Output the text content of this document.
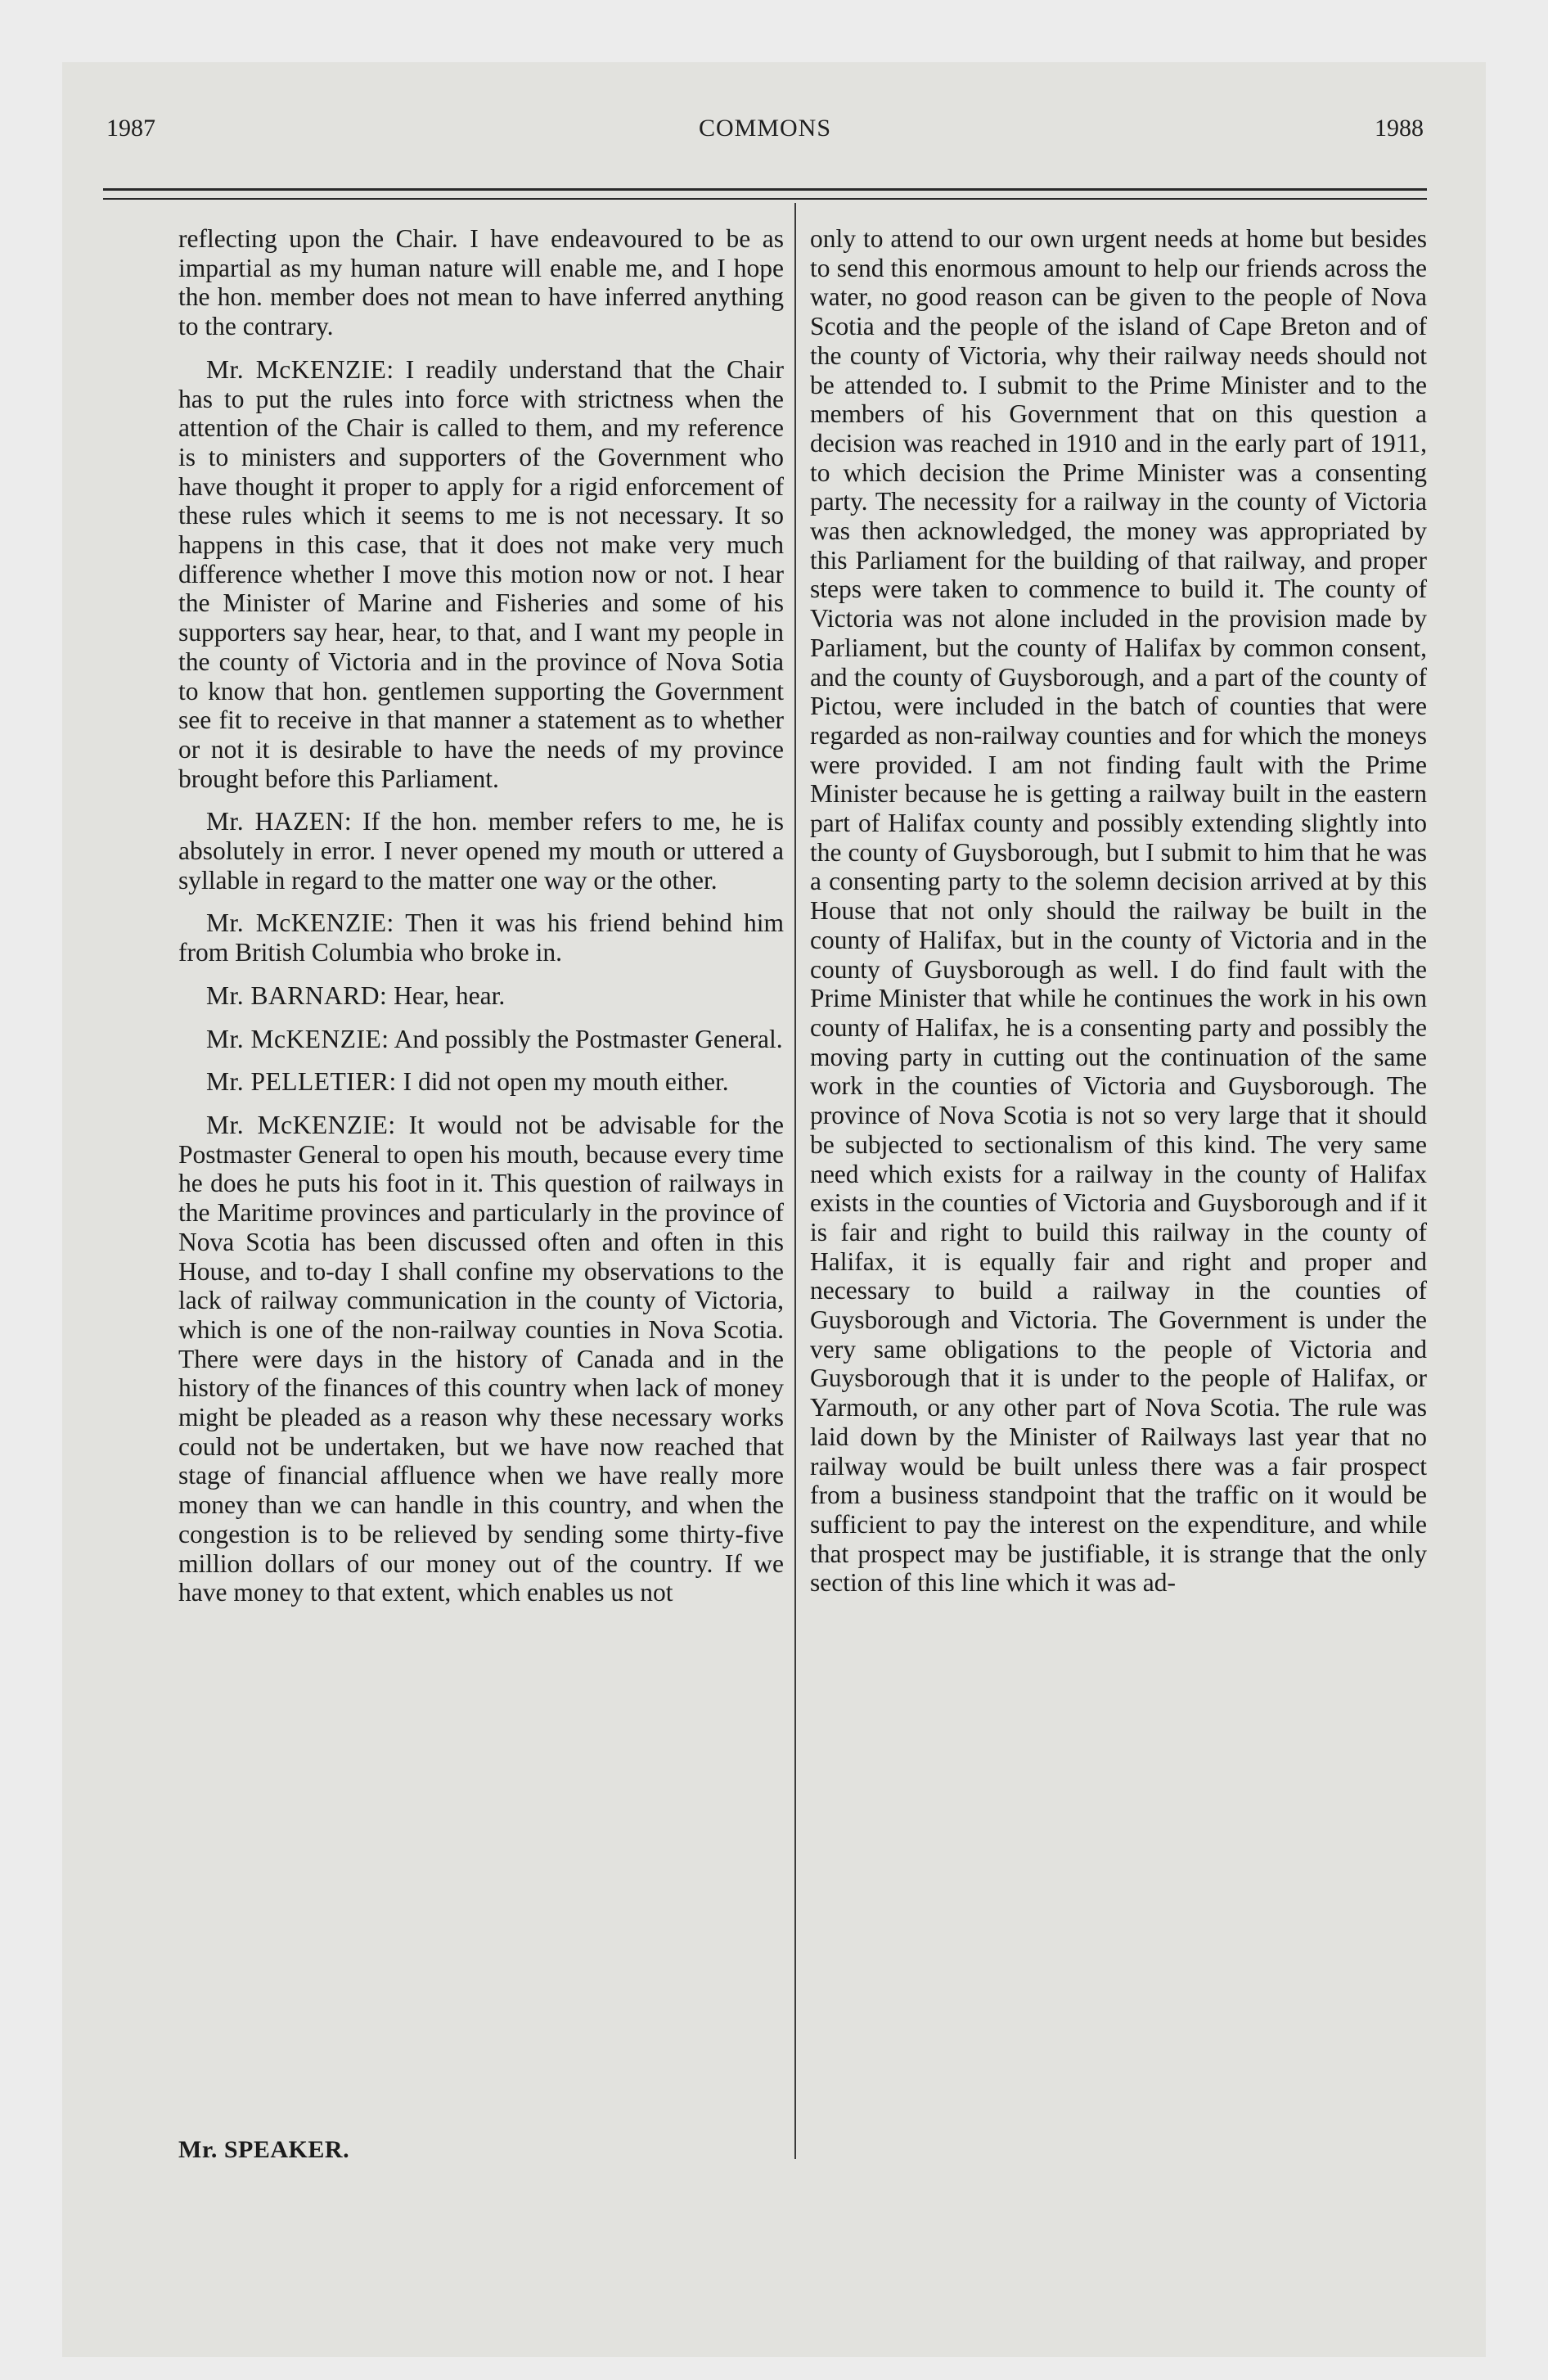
1987	COMMONS	1988

reflecting upon the Chair. I have endeavoured to be as impartial as my human nature will enable me, and I hope the hon. member does not mean to have inferred anything to the contrary.

Mr. McKENZIE: I readily understand that the Chair has to put the rules into force with strictness when the attention of the Chair is called to them, and my reference is to ministers and supporters of the Government who have thought it proper to apply for a rigid enforcement of these rules which it seems to me is not necessary. It so happens in this case, that it does not make very much difference whether I move this motion now or not. I hear the Minister of Marine and Fisheries and some of his supporters say hear, hear, to that, and I want my people in the county of Victoria and in the province of Nova Sotia to know that hon. gentlemen supporting the Government see fit to receive in that manner a statement as to whether or not it is desirable to have the needs of my province brought before this Parliament.

Mr. HAZEN: If the hon. member refers to me, he is absolutely in error. I never opened my mouth or uttered a syllable in regard to the matter one way or the other.

Mr. McKENZIE: Then it was his friend behind him from British Columbia who broke in.

Mr. BARNARD: Hear, hear.

Mr. McKENZIE: And possibly the Postmaster General.

Mr. PELLETIER: I did not open my mouth either.

Mr. McKENZIE: It would not be advisable for the Postmaster General to open his mouth, because every time he does he puts his foot in it. This question of railways in the Maritime provinces and particularly in the province of Nova Scotia has been discussed often and often in this House, and to-day I shall confine my observations to the lack of railway communication in the county of Victoria, which is one of the non-railway counties in Nova Scotia. There were days in the history of Canada and in the history of the finances of this country when lack of money might be pleaded as a reason why these necessary works could not be undertaken, but we have now reached that stage of financial affluence when we have really more money than we can handle in this country, and when the congestion is to be relieved by sending some thirty-five million dollars of our money out of the country. If we have money to that extent, which enables us not

Mr. SPEAKER.

only to attend to our own urgent needs at home but besides to send this enormous amount to help our friends across the water, no good reason can be given to the people of Nova Scotia and the people of the island of Cape Breton and of the county of Victoria, why their railway needs should not be attended to. I submit to the Prime Minister and to the members of his Government that on this question a decision was reached in 1910 and in the early part of 1911, to which decision the Prime Minister was a consenting party. The necessity for a railway in the county of Victoria was then acknowledged, the money was appropriated by this Parliament for the building of that railway, and proper steps were taken to commence to build it. The county of Victoria was not alone included in the provision made by Parliament, but the county of Halifax by common consent, and the county of Guysborough, and a part of the county of Pictou, were included in the batch of counties that were regarded as non-railway counties and for which the moneys were provided. I am not finding fault with the Prime Minister because he is getting a railway built in the eastern part of Halifax county and possibly extending slightly into the county of Guysborough, but I submit to him that he was a consenting party to the solemn decision arrived at by this House that not only should the railway be built in the county of Halifax, but in the county of Victoria and in the county of Guysborough as well. I do find fault with the Prime Minister that while he continues the work in his own county of Halifax, he is a consenting party and possibly the moving party in cutting out the continuation of the same work in the counties of Victoria and Guysborough. The province of Nova Scotia is not so very large that it should be subjected to sectionalism of this kind. The very same need which exists for a railway in the county of Halifax exists in the counties of Victoria and Guysborough and if it is fair and right to build this railway in the county of Halifax, it is equally fair and right and proper and necessary to build a railway in the counties of Guysborough and Victoria. The Government is under the very same obligations to the people of Victoria and Guysborough that it is under to the people of Halifax, or Yarmouth, or any other part of Nova Scotia. The rule was laid down by the Minister of Railways last year that no railway would be built unless there was a fair prospect from a business standpoint that the traffic on it would be sufficient to pay the interest on the expenditure, and while that prospect may be justifiable, it is strange that the only section of this line which it was ad-
